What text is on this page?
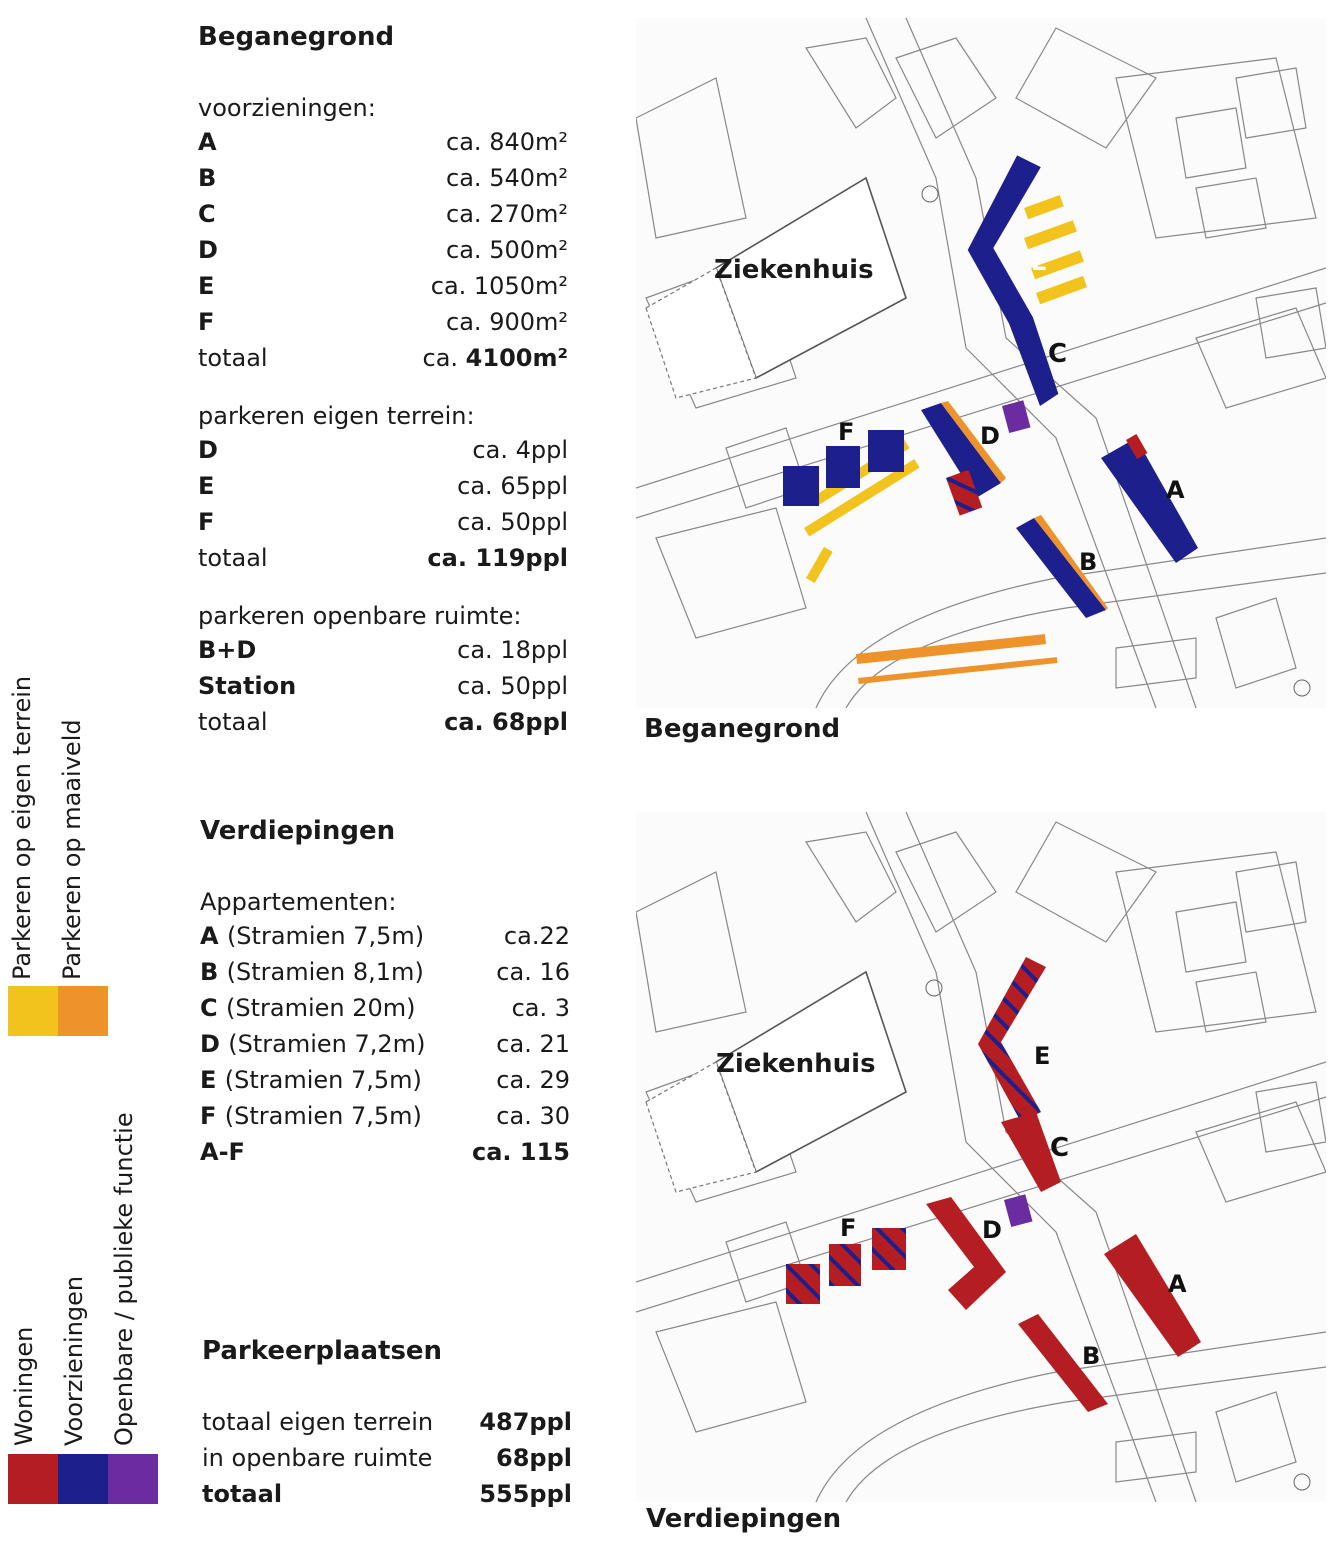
Beganegrond
voorzieningen:
A	ca. 840m²
B	ca. 540m²
C	ca. 270m²
D	ca. 500m²
E	ca. 1050m²
F	ca. 900m²
totaal	ca. 4100m²
parkeren eigen terrein:
D	ca. 4ppl
E	ca. 65ppl
F	ca. 50ppl
totaal	ca. 119ppl
parkeren openbare ruimte:
B+D	ca. 18ppl
Station	ca. 50ppl
totaal	ca. 68ppl
Verdiepingen
Appartementen:
A (Stramien 7,5m)	ca.22
B (Stramien 8,1m)	ca. 16
C (Stramien 20m)	ca. 3
D (Stramien 7,2m)	ca. 21
E (Stramien 7,5m)	ca. 29
F (Stramien 7,5m)	ca. 30
A-F	ca. 115
Parkeerplaatsen
totaal eigen terrein 487ppl
in openbare ruimte	68ppl
totaal	555ppl
Parkeren op eigen terrein Parkeren op maaiveld
Woningen Voorzieningen Openbare / publieke functie
Ziekenhuis	E
C
D
F
B
A
Beganegrond
Ziekenhuis	E
C
D
F
B
A
Verdiepingen
